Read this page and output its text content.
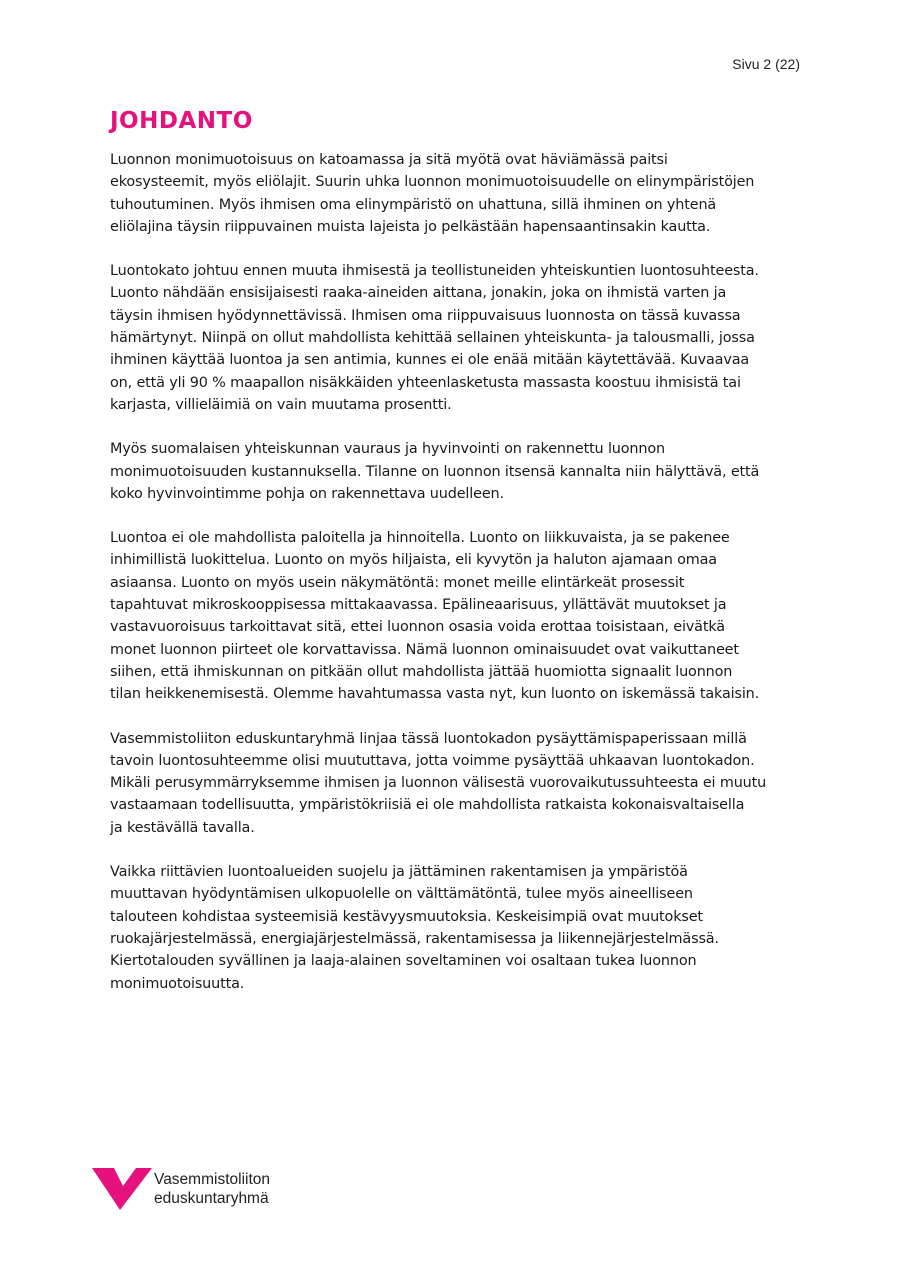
Sivu 2 (22)
JOHDANTO

Luonnon monimuotoisuus on katoamassa ja sitä myötä ovat häviämässä paitsi
ekosysteemit, myös eliölajit. Suurin uhka luonnon monimuotoisuudelle on elinympäristöjen
tuhoutuminen. Myös ihmisen oma elinympäristö on uhattuna, sillä ihminen on yhtenä
eliölajina täysin riippuvainen muista lajeista jo pelkästään hapensaantinsakin kautta.

Luontokato johtuu ennen muuta ihmisestä ja teollistuneiden yhteiskuntien luontosuhteesta.
Luonto nähdään ensisijaisesti raaka-aineiden aittana, jonakin, joka on ihmistä varten ja
täysin ihmisen hyödynnettävissä. Ihmisen oma riippuvaisuus luonnosta on tässä kuvassa
hämärtynyt. Niinpä on ollut mahdollista kehittää sellainen yhteiskunta- ja talousmalli, jossa
ihminen käyttää luontoa ja sen antimia, kunnes ei ole enää mitään käytettävää. Kuvaavaa
on, että yli 90 % maapallon nisäkkäiden yhteenlasketusta massasta koostuu ihmisistä tai
karjasta, villieläimiä on vain muutama prosentti.

Myös suomalaisen yhteiskunnan vauraus ja hyvinvointi on rakennettu luonnon
monimuotoisuuden kustannuksella. Tilanne on luonnon itsensä kannalta niin hälyttävä, että
koko hyvinvointimme pohja on rakennettava uudelleen.

Luontoa ei ole mahdollista paloitella ja hinnoitella. Luonto on liikkuvaista, ja se pakenee
inhimillistä luokittelua. Luonto on myös hiljaista, eli kyvytön ja haluton ajamaan omaa
asiaansa. Luonto on myös usein näkymätöntä: monet meille elintärkeät prosessit
tapahtuvat mikroskooppisessa mittakaavassa. Epälineaarisuus, yllättävät muutokset ja
vastavuoroisuus tarkoittavat sitä, ettei luonnon osasia voida erottaa toisistaan, eivätkä
monet luonnon piirteet ole korvattavissa. Nämä luonnon ominaisuudet ovat vaikuttaneet
siihen, että ihmiskunnan on pitkään ollut mahdollista jättää huomiotta signaalit luonnon
tilan heikkenemisestä. Olemme havahtumassa vasta nyt, kun luonto on iskemässä takaisin.

Vasemmistoliiton eduskuntaryhmä linjaa tässä luontokadon pysäyttämispaperissaan millä
tavoin luontosuhteemme olisi muututtava, jotta voimme pysäyttää uhkaavan luontokadon.
Mikäli perusymmärryksemme ihmisen ja luonnon välisestä vuorovaikutussuhteesta ei muutu
vastaamaan todellisuutta, ympäristökriisiä ei ole mahdollista ratkaista kokonaisvaltaisella
ja kestävällä tavalla.

Vaikka riittävien luontoalueiden suojelu ja jättäminen rakentamisen ja ympäristöä
muuttavan hyödyntämisen ulkopuolelle on välttämätöntä, tulee myös aineelliseen
talouteen kohdistaa systeemisiä kestävyysmuutoksia. Keskeisimpiä ovat muutokset
ruokajärjestelmässä, energiajärjestelmässä, rakentamisessa ja liikennejärjestelmässä.
Kiertotalouden syvällinen ja laaja-alainen soveltaminen voi osaltaan tukea luonnon
monimuotoisuutta.

Vasemmistoliiton
eduskuntaryhmä
